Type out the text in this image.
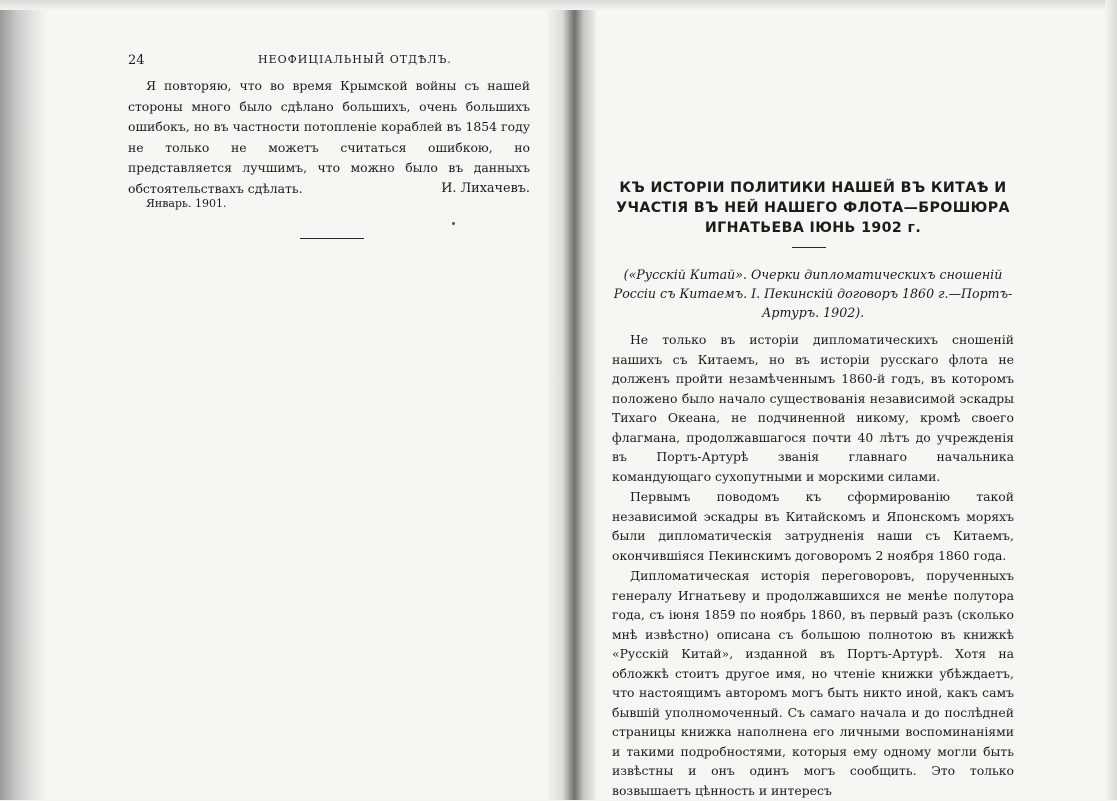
24	НЕОФИЦІАЛЬНЫЙ ОТДѢЛЪ.

Я повторяю, что во время Крымской войны съ нашей стороны много было сдѣлано большихъ, очень большихъ ошибокъ, но въ частности потопленіе кораблей въ 1854 году не только не можетъ считаться ошибкою, но представляется лучшимъ, что можно было въ данныхъ обстоятельствахъ сдѣлать.	И. Лихачевъ.
Январь. 1901.
КЪ ИСТОРІИ ПОЛИТИКИ НАШЕЙ ВЪ КИТАѢ И УЧАСТІЯ ВЪ НЕЙ НАШЕГО ФЛОТА—БРОШЮРА ИГНАТЬЕВА ІЮНЬ 1902 г.
(«Русскій Китай». Очерки дипломатическихъ сношеній Россіи съ Китаемъ. I. Пекинскій договоръ 1860 г.—Портъ-Артуръ. 1902).

Не только въ исторіи дипломатическихъ сношеній нашихъ съ Китаемъ, но въ исторіи русскаго флота не долженъ пройти незамѣченнымъ 1860-й годъ, въ которомъ положено было начало существованія независимой эскадры Тихаго Океана, не подчиненной никому, кромѣ своего флагмана, продолжавшагося почти 40 лѣтъ до учрежденія въ Портъ-Артурѣ званія главнаго начальника командующаго сухопутными и морскими силами.

Первымъ поводомъ къ сформированію такой независимой эскадры въ Китайскомъ и Японскомъ моряхъ были дипломатическія затрудненія наши съ Китаемъ, окончившіяся Пекинскимъ договоромъ 2 ноября 1860 года.

Дипломатическая исторія переговоровъ, порученныхъ генералу Игнатьеву и продолжавшихся не менѣе полутора года, съ іюня 1859 по ноябрь 1860, въ первый разъ (сколько мнѣ извѣстно) описана съ большою полнотою въ книжкѣ «Русскій Китай», изданной въ Портъ-Артурѣ. Хотя на обложкѣ стоитъ другое имя, но чтеніе книжки убѣждаетъ, что настоящимъ авторомъ могъ быть никто иной, какъ самъ бывшій уполномоченный. Съ самаго начала и до послѣдней страницы книжка наполнена его личными воспоминаніями и такими подробностями, которыя ему одному могли быть извѣстны и онъ одинъ могъ сообщить. Это только возвышаетъ цѣнность и интересъ
